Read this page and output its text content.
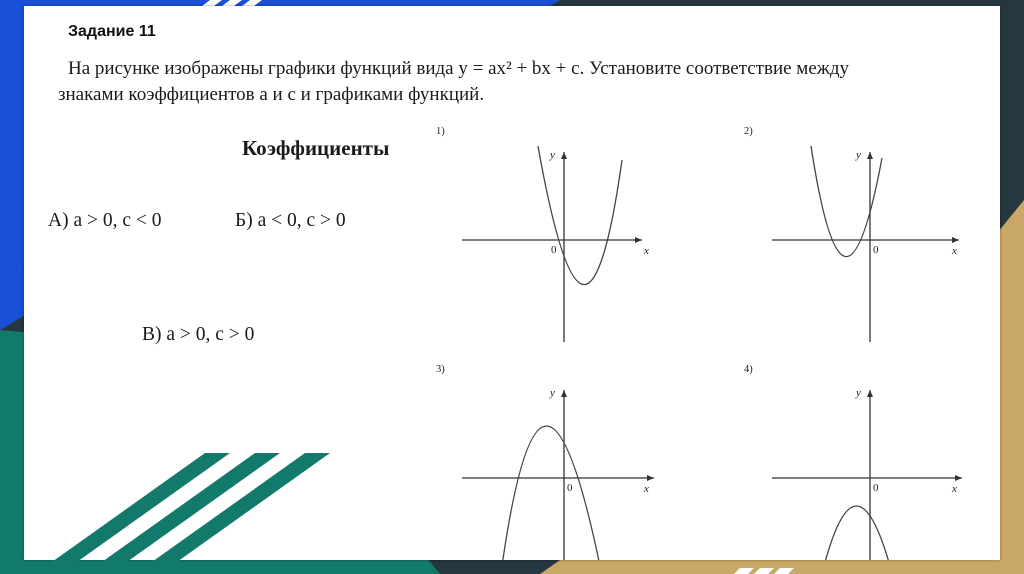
Задание 11
На рисунке изображены графики функций вида y = ax² + bx + c. Установите соответствие между
знаками коэффициентов a и c и графиками функций.
Коэффициенты
А) a > 0, c < 0	Б) a < 0, c > 0
В) a > 0, c > 0
1)	2)
3)	4)
y
x
0
y
x
0
y
x
0
y
x
0
